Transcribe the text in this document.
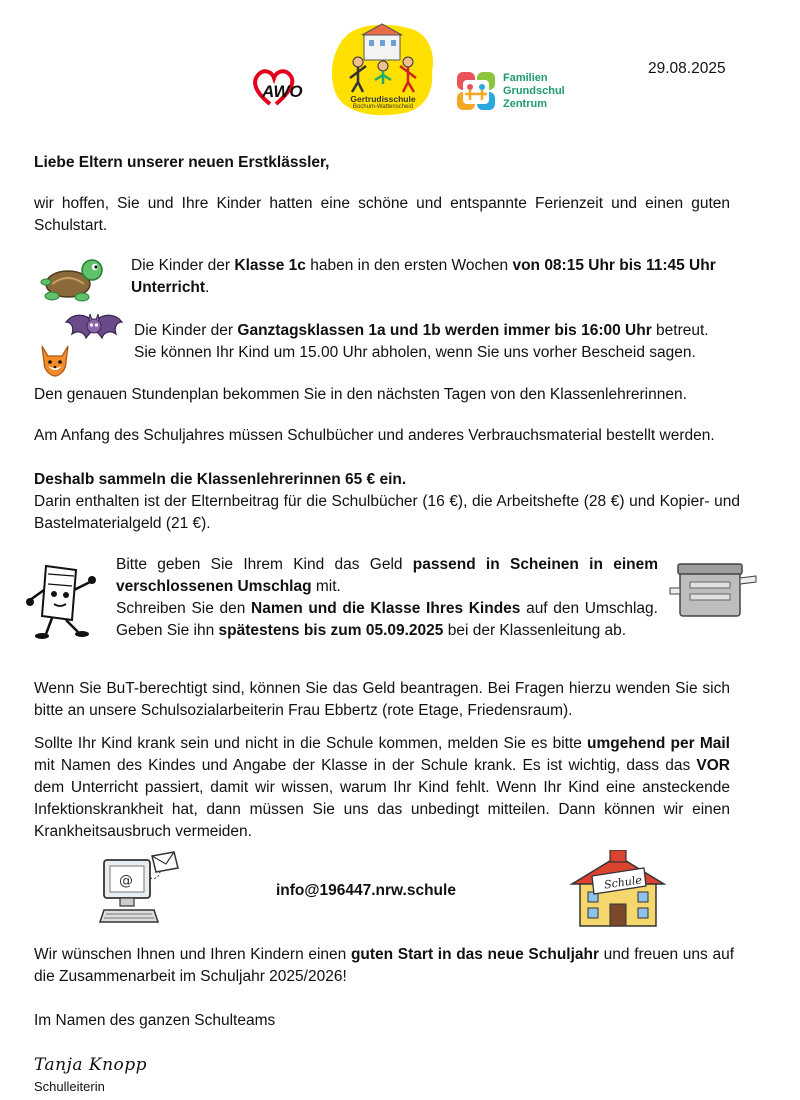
AWO	Gertrudisschule
Bochum-Wattenscheid
Familien
Grundschul
Zentrum
29.08.2025

Liebe Eltern unserer neuen Erstklässler,

wir hoffen, Sie und Ihre Kinder hatten eine schöne und entspannte Ferienzeit und einen guten Schulstart.

Die Kinder der Klasse 1c haben in den ersten Wochen von 08:15 Uhr bis 11:45 Uhr Unterricht.

Die Kinder der Ganztagsklassen 1a und 1b werden immer bis 16:00 Uhr betreut.
Sie können Ihr Kind um 15.00 Uhr abholen, wenn Sie uns vorher Bescheid sagen.

Den genauen Stundenplan bekommen Sie in den nächsten Tagen von den Klassenlehrerinnen.

Am Anfang des Schuljahres müssen Schulbücher und anderes Verbrauchsmaterial bestellt werden.

Deshalb sammeln die Klassenlehrerinnen 65 € ein.

Darin enthalten ist der Elternbeitrag für die Schulbücher (16 €), die Arbeitshefte (28 €) und Kopier- und Bastelmaterialgeld (21 €).

Bitte geben Sie Ihrem Kind das Geld passend in Scheinen in einem verschlossenen Umschlag mit.
Schreiben Sie den Namen und die Klasse Ihres Kindes auf den Umschlag. Geben Sie ihn spätestens bis zum 05.09.2025 bei der Klassenleitung ab.

Wenn Sie BuT-berechtigt sind, können Sie das Geld beantragen. Bei Fragen hierzu wenden Sie sich bitte an unsere Schulsozialarbeiterin Frau Ebbertz (rote Etage, Friedensraum).

Sollte Ihr Kind krank sein und nicht in die Schule kommen, melden Sie es bitte umgehend per Mail mit Namen des Kindes und Angabe der Klasse in der Schule krank. Es ist wichtig, dass das VOR dem Unterricht passiert, damit wir wissen, warum Ihr Kind fehlt. Wenn Ihr Kind eine ansteckende Infektionskrankheit hat, dann müssen Sie uns das unbedingt mitteilen. Dann können wir einen Krankheitsausbruch vermeiden.

@
info@196447.nrw.schule	Schule

Wir wünschen Ihnen und Ihren Kindern einen guten Start in das neue Schuljahr und freuen uns auf die Zusammenarbeit im Schuljahr 2025/2026!

Im Namen des ganzen Schulteams

Tanja Knopp

Schulleiterin
